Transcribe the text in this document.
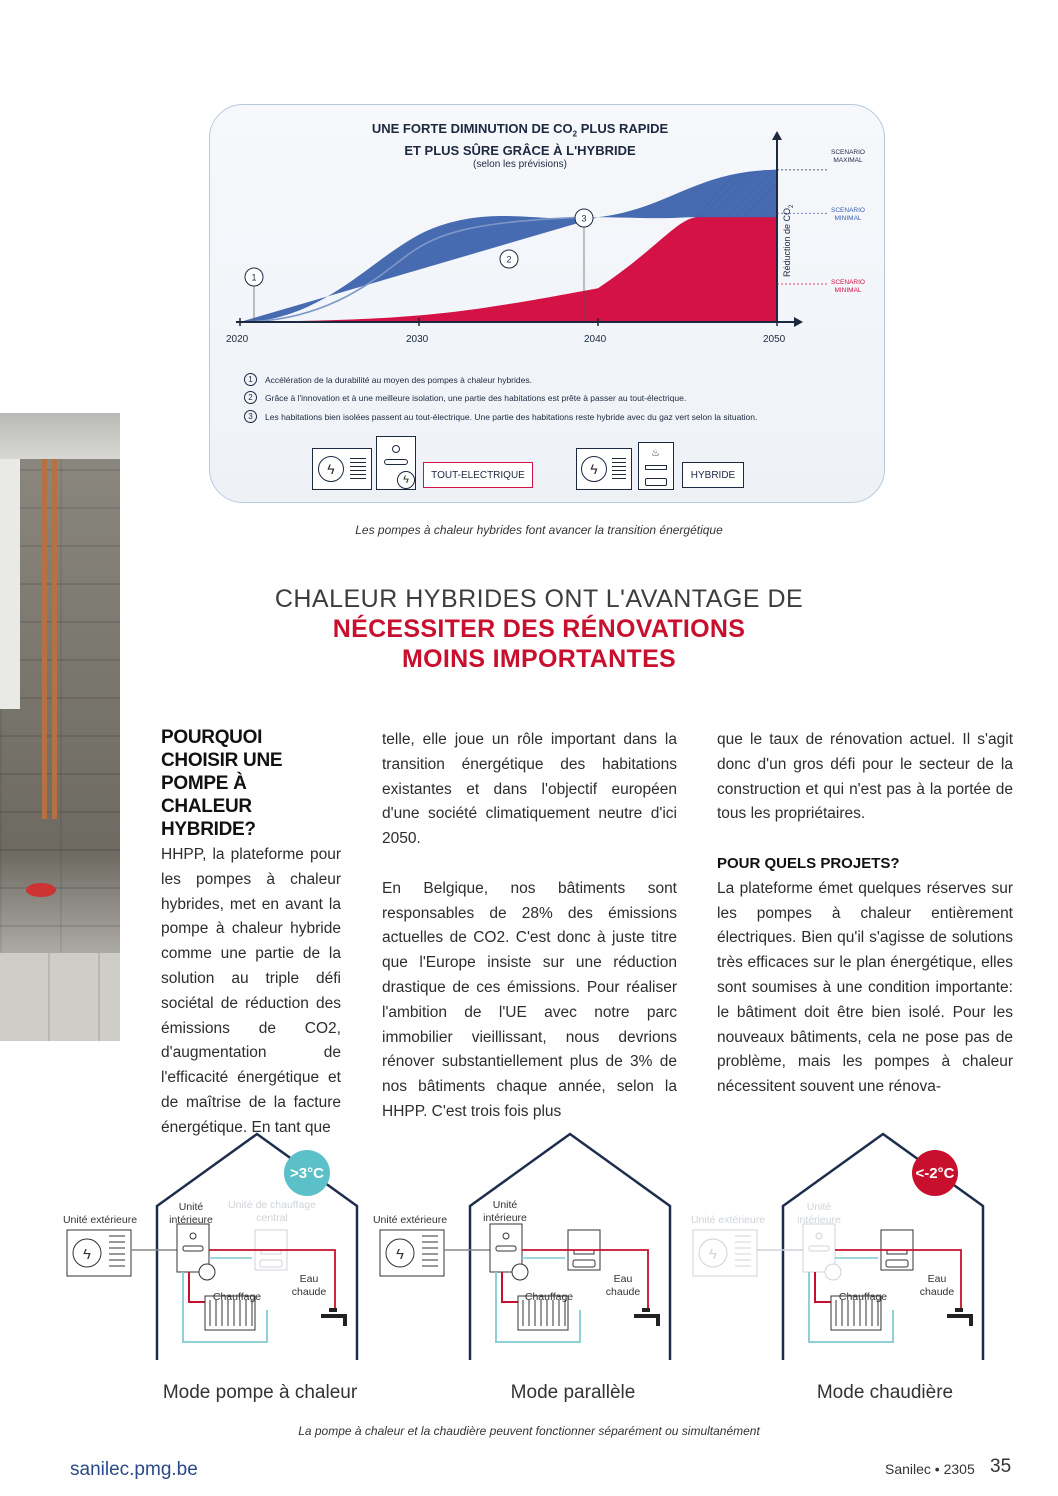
1
2
3
UNE FORTE DIMINUTION DE $CO_2$ PLUS RAPIDE
ET PLUS SÛRE GRÂCE À L'HYBRIDE
(selon les prévisions)
SCENARIO
MAXIMAL
SCENARIO
MINIMAL
SCENARIO
MINIMAL
Réduction de $CO_2$
2020	2030	2040	2050
1	Accélération de la durabilité au moyen des pompes à chaleur hybrides.
2	Grâce à l'innovation et à une meilleure isolation, une partie des habitations est prête à passer au tout-électrique.
3	Les habitations bien isolées passent au tout-électrique. Une partie des habitations reste hybride avec du gaz vert selon la situation.
ϟ
ϟ	TOUT-ELECTRIQUE	ϟ
♨
HYBRIDE
Les pompes à chaleur hybrides font avancer la transition énergétique
CHALEUR HYBRIDES ONT L'AVANTAGE DE
NÉCESSITER DES RÉNOVATIONS
MOINS IMPORTANTES
POURQUOI CHOISIR UNE POMPE À CHALEUR HYBRIDE?
HHPP, la plateforme pour les pompes à chaleur hybrides, met en avant la pompe à chaleur hybride comme une partie de la solution au triple défi sociétal de réduction des émissions de CO2, d'augmentation de l'efficacité énergétique et de maîtrise de la facture énergétique. En tant que

telle, elle joue un rôle important dans la transition énergétique des habitations existantes et dans l'objectif européen d'une société climatiquement neutre d'ici 2050.

En Belgique, nos bâtiments sont responsables de 28% des émissions actuelles de CO2. C'est donc à juste titre que l'Europe insiste sur une réduction drastique de ces émissions. Pour réaliser l'ambition de l'UE avec notre parc immobilier vieillissant, nous devrions rénover substantiellement plus de 3% de nos bâtiments chaque année, selon la HHPP. C'est trois fois plus

que le taux de rénovation actuel. Il s'agit donc d'un gros défi pour le secteur de la construction et qui n'est pas à la portée de tous les propriétaires.

POUR QUELS PROJETS?
La plateforme émet quelques réserves sur les pompes à chaleur entièrement électriques. Bien qu'il s'agisse de solutions très efficaces sur le plan énergétique, elles sont soumises à une condition importante: le bâtiment doit être bien isolé. Pour les nouveaux bâtiments, cela ne pose pas de problème, mais les pompes à chaleur nécessitent souvent une rénova-
ϟ	ϟ	ϟ
>3°C	<-2°C
Unité extérieure
Unité intérieure
Unité de chauffage central
Chauffage
Eau chaude
Unité extérieure
Unité intérieure
Chauffage
Eau chaude
Unité extérieure
Unité intérieure
Chauffage
Eau chaude
Mode pompe à chaleur	Mode parallèle	Mode chaudière
La pompe à chaleur et la chaudière peuvent fonctionner séparément ou simultanément
sanilec.pmg.be	Sanilec • 2305 35
